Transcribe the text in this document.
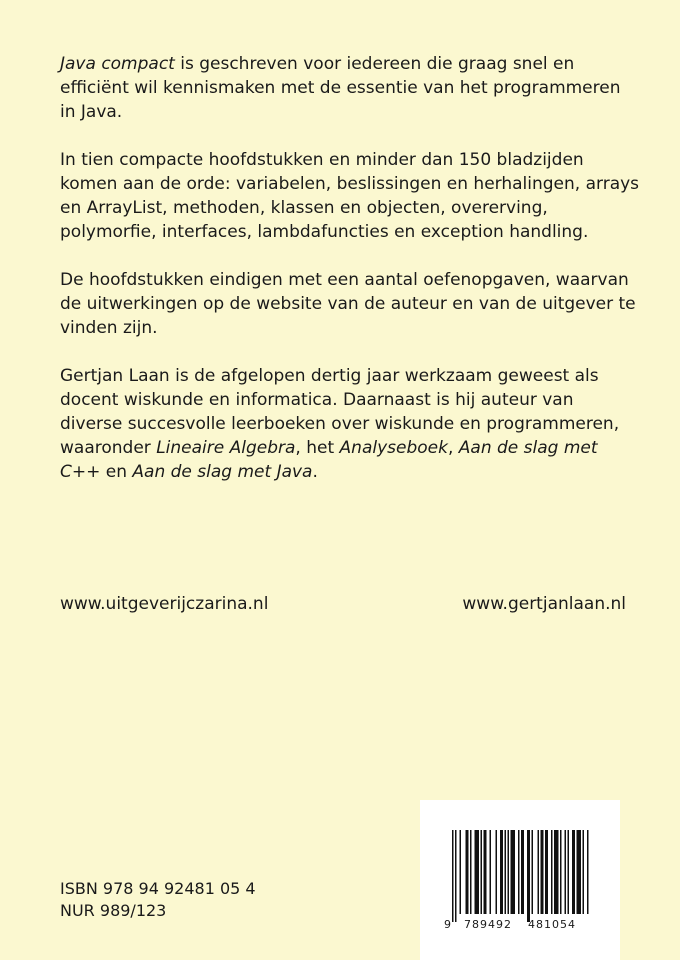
Java compact is geschreven voor iedereen die graag snel en efficiënt wil kennismaken met de essentie van het programmeren in Java.

In tien compacte hoofdstukken en minder dan 150 bladzijden komen aan de orde: variabelen, beslissingen en herhalingen, arrays en ArrayList, methoden, klassen en objecten, overerving, polymorfie, interfaces, lambdafuncties en exception handling.

De hoofdstukken eindigen met een aantal oefenopgaven, waarvan de uitwerkingen op de website van de auteur en van de uitgever te vinden zijn.

Gertjan Laan is de afgelopen dertig jaar werkzaam geweest als docent wiskunde en informatica. Daarnaast is hij auteur van diverse succesvolle leerboeken over wiskunde en programmeren, waaronder Lineaire Algebra, het Analyseboek, Aan de slag met C++ en Aan de slag met Java.

www.uitgeverijczarina.nl	www.gertjanlaan.nl
ISBN 978 94 92481 05 4
NUR 989/123
9 789492 481054
